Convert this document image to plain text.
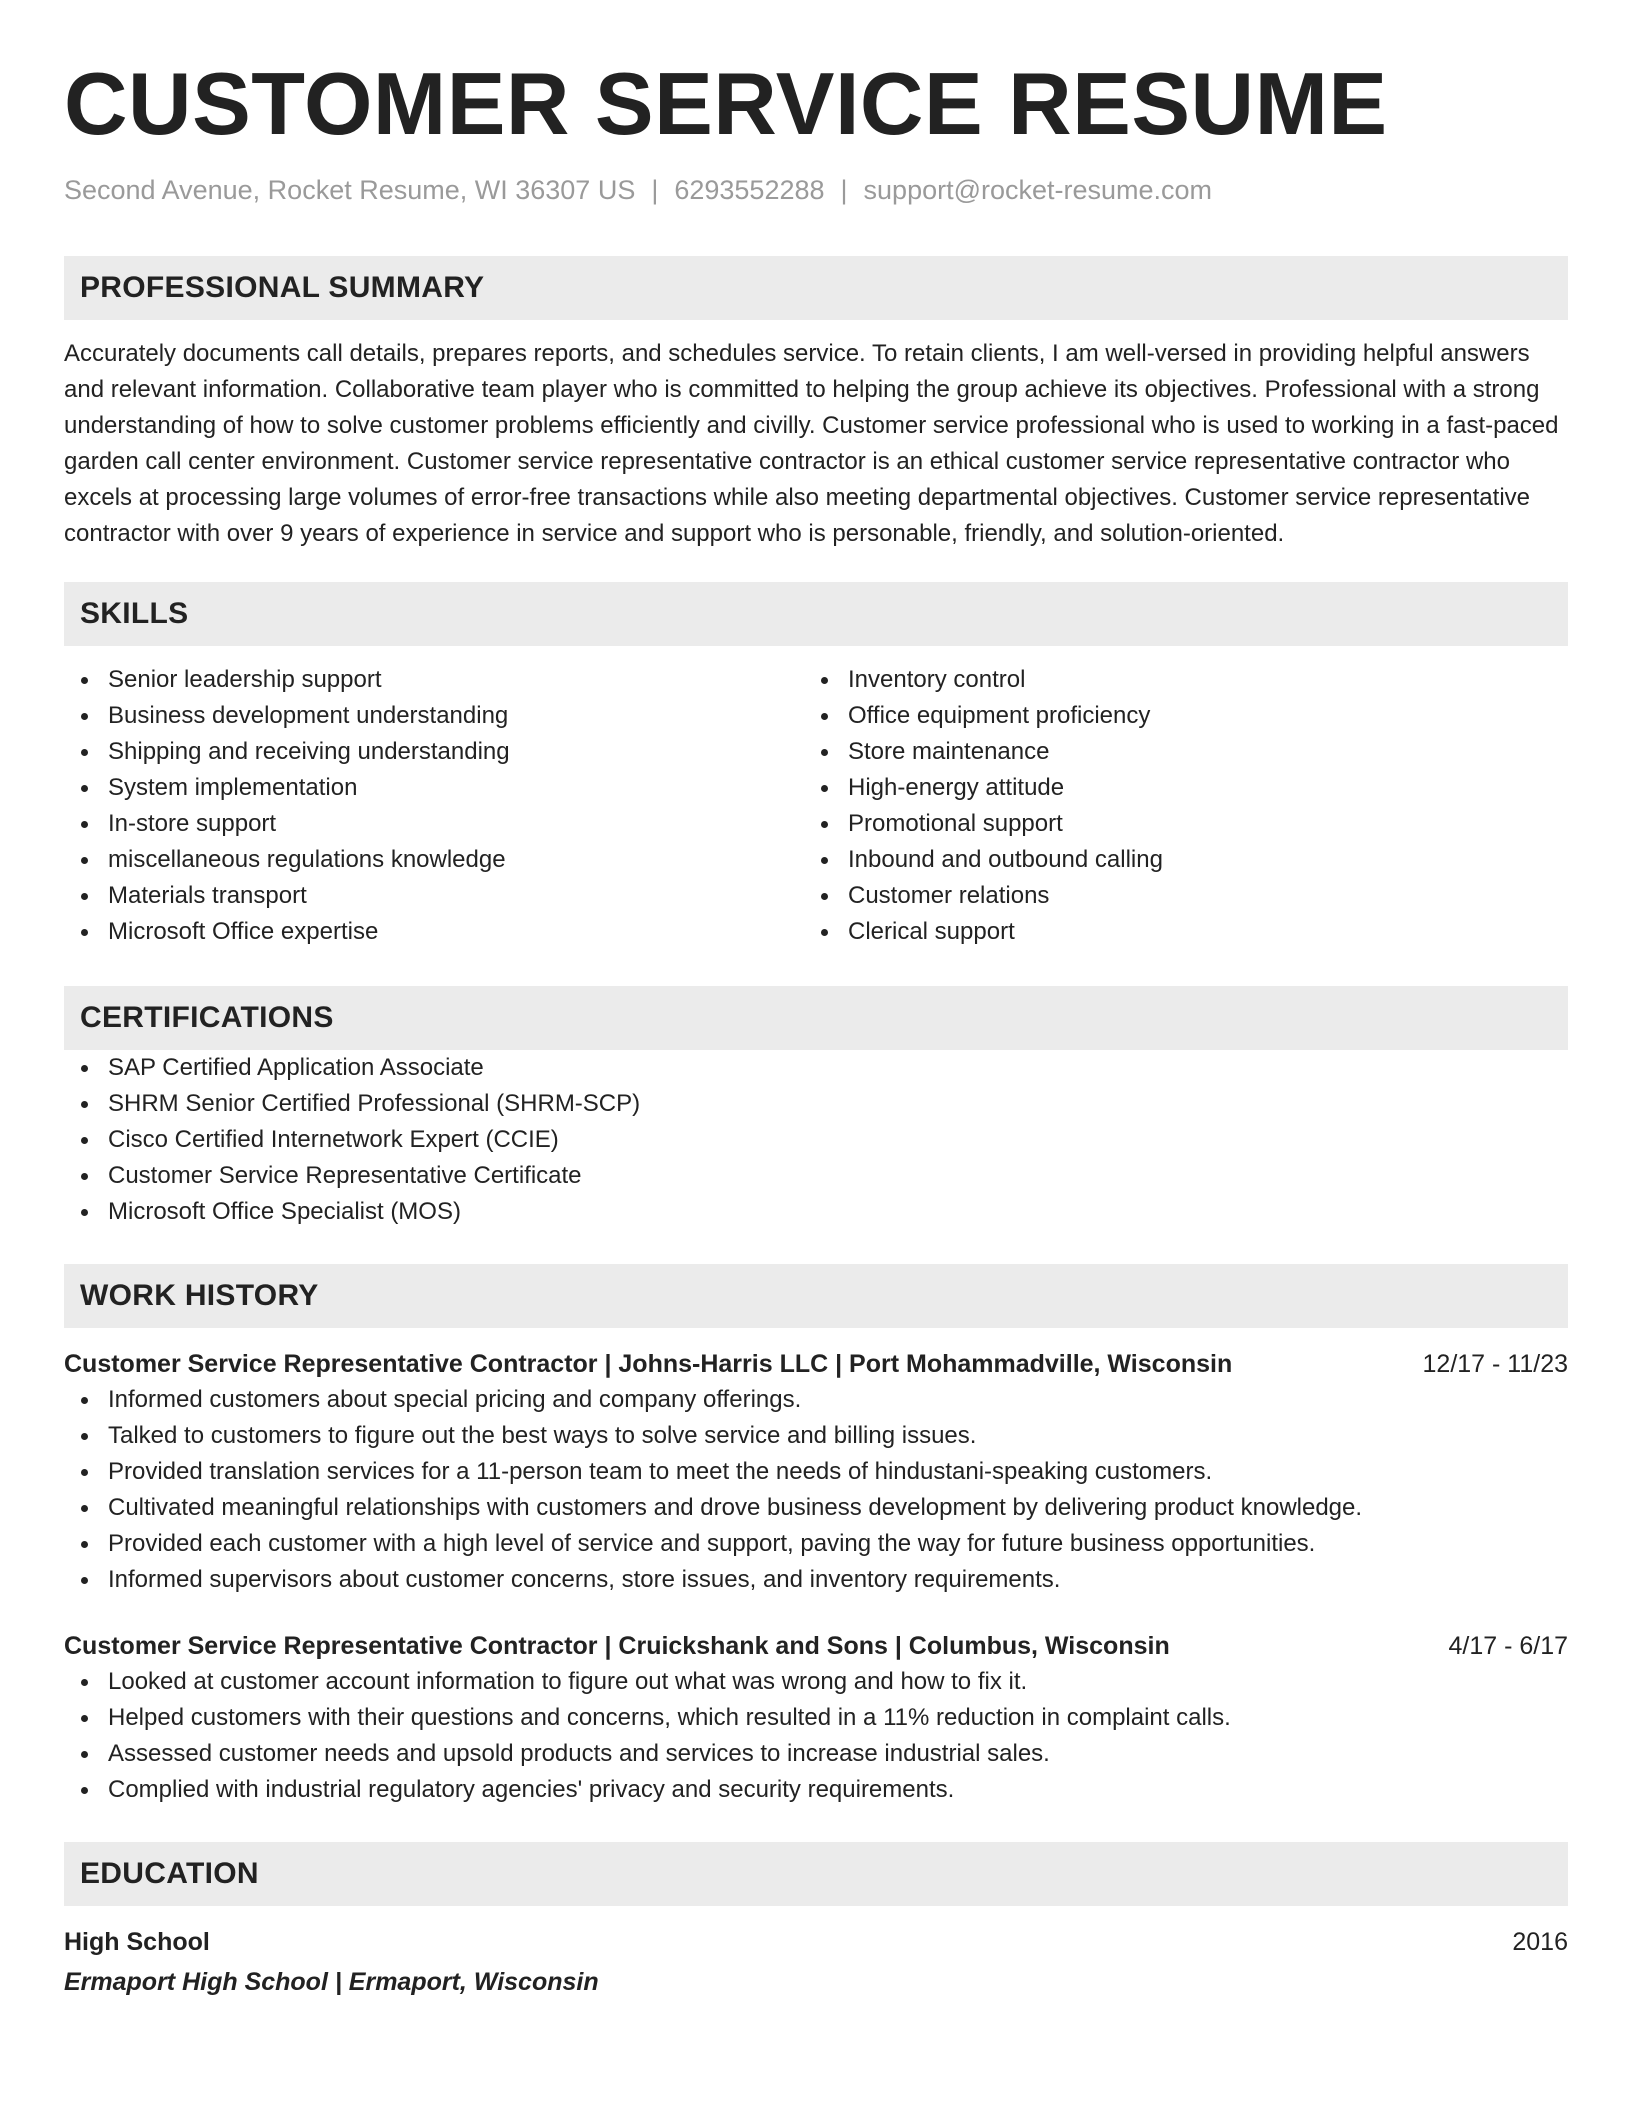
CUSTOMER SERVICE RESUME
Second Avenue, Rocket Resume, WI 36307 US | 6293552288 | support@rocket-resume.com
PROFESSIONAL SUMMARY
Accurately documents call details, prepares reports, and schedules service. To retain clients, I am well-versed in providing helpful answers and relevant information. Collaborative team player who is committed to helping the group achieve its objectives. Professional with a strong understanding of how to solve customer problems efficiently and civilly. Customer service professional who is used to working in a fast-paced garden call center environment. Customer service representative contractor is an ethical customer service representative contractor who excels at processing large volumes of error-free transactions while also meeting departmental objectives. Customer service representative contractor with over 9 years of experience in service and support who is personable, friendly, and solution-oriented.
SKILLS
Senior leadership support
Business development understanding
Shipping and receiving understanding
System implementation
In-store support
miscellaneous regulations knowledge
Materials transport
Microsoft Office expertise
Inventory control
Office equipment proficiency
Store maintenance
High-energy attitude
Promotional support
Inbound and outbound calling
Customer relations
Clerical support
CERTIFICATIONS
SAP Certified Application Associate
SHRM Senior Certified Professional (SHRM-SCP)
Cisco Certified Internetwork Expert (CCIE)
Customer Service Representative Certificate
Microsoft Office Specialist (MOS)
WORK HISTORY
Customer Service Representative Contractor | Johns-Harris LLC | Port Mohammadville, Wisconsin	12/17 - 11/23
Informed customers about special pricing and company offerings.
Talked to customers to figure out the best ways to solve service and billing issues.
Provided translation services for a 11-person team to meet the needs of hindustani-speaking customers.
Cultivated meaningful relationships with customers and drove business development by delivering product knowledge.
Provided each customer with a high level of service and support, paving the way for future business opportunities.
Informed supervisors about customer concerns, store issues, and inventory requirements.
Customer Service Representative Contractor | Cruickshank and Sons | Columbus, Wisconsin	4/17 - 6/17
Looked at customer account information to figure out what was wrong and how to fix it.
Helped customers with their questions and concerns, which resulted in a 11% reduction in complaint calls.
Assessed customer needs and upsold products and services to increase industrial sales.
Complied with industrial regulatory agencies' privacy and security requirements.
EDUCATION
High School	2016
Ermaport High School | Ermaport, Wisconsin
